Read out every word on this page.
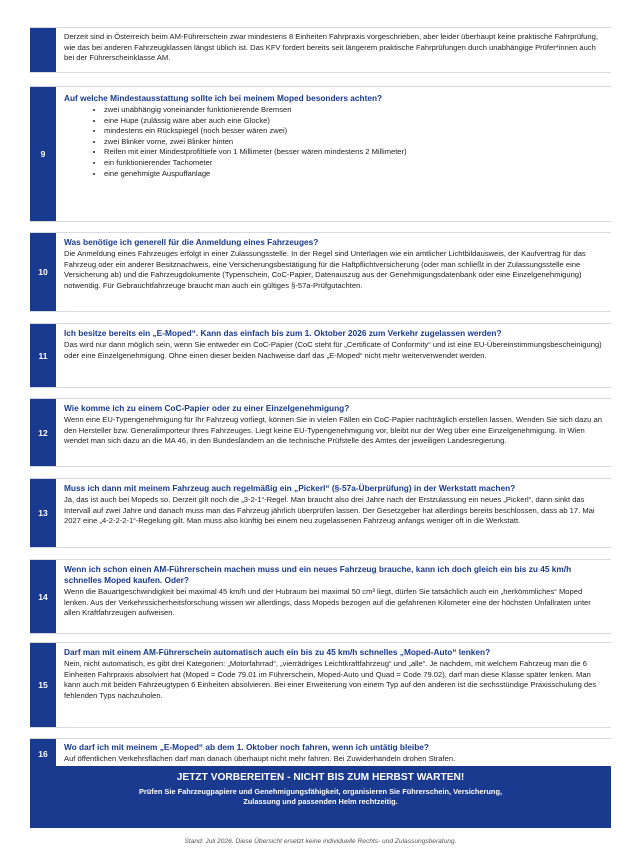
Derzeit sind in Österreich beim AM-Führerschein zwar mindestens 8 Einheiten Fahrpraxis vorgeschrieben, aber leider überhaupt keine praktische Fahrprüfung, wie das bei anderen Fahrzeugklassen längst üblich ist. Das KFV fordert bereits seit längerem praktische Fahrprüfungen durch unabhängige Prüfer*innen auch bei der Führerscheinklasse AM.
9
Auf welche Mindestausstattung sollte ich bei meinem Moped besonders achten?
• zwei unabhängig voneinander funktionierende Bremsen
• eine Hupe (zulässig wäre aber auch eine Glocke)
• mindestens ein Rückspiegel (noch besser wären zwei)
• zwei Blinker vorne, zwei Blinker hinten
• Reifen mit einer Mindestprofiltiefe von 1 Millimeter (besser wären mindestens 2 Millimeter)
• ein funktionierender Tachometer
• eine genehmigte Auspuffanlage
10
Was benötige ich generell für die Anmeldung eines Fahrzeuges?
Die Anmeldung eines Fahrzeuges erfolgt in einer Zulassungsstelle. In der Regel sind Unterlagen wie ein amtlicher Lichtbildausweis, der Kaufvertrag für das Fahrzeug oder ein anderer Besitznachweis, eine Versicherungsbestätigung für die Haftpflichtversicherung (oder man schließt in der Zulassungsstelle eine Versicherung ab) und die Fahrzeugdokumente (Typenschein, CoC-Papier, Datenauszug aus der Genehmigungsdatenbank oder eine Einzelgenehmigung) notwendig. Für Gebrauchtfahrzeuge braucht man auch ein gültiges §-57a-Prüfgutachten.
11
Ich besitze bereits ein „E-Moped“. Kann das einfach bis zum 1. Oktober 2026 zum Verkehr zugelassen werden?
Das wird nur dann möglich sein, wenn Sie entweder ein CoC-Papier (CoC steht für „Certificate of Conformity“ und ist eine EU-Übereinstimmungsbescheinigung) oder eine Einzelgenehmigung. Ohne einen dieser beiden Nachweise darf das „E-Moped“ nicht mehr weiterverwendet werden.
12
Wie komme ich zu einem CoC-Papier oder zu einer Einzelgenehmigung?
Wenn eine EU-Typengenehmigung für Ihr Fahrzeug vorliegt, können Sie in vielen Fällen ein CoC-Papier nachträglich erstellen lassen. Wenden Sie sich dazu an den Hersteller bzw. Generalimporteur Ihres Fahrzeuges. Liegt keine EU-Typengenehmigung vor, bleibt nur der Weg über eine Einzelgenehmigung. In Wien wendet man sich dazu an die MA 46, in den Bundesländern an die technische Prüfstelle des Amtes der jeweiligen Landesregierung.
13
Muss ich dann mit meinem Fahrzeug auch regelmäßig ein „Pickerl“ (§-57a-Überprüfung) in der Werkstatt machen?
Ja, das ist auch bei Mopeds so. Derzeit gilt noch die „3-2-1“-Regel. Man braucht also drei Jahre nach der Erstzulassung ein neues „Pickerl“, dann sinkt das Intervall auf zwei Jahre und danach muss man das Fahrzeug jährlich überprüfen lassen. Der Gesetzgeber hat allerdings bereits beschlossen, dass ab 17. Mai 2027 eine „4-2-2-2-1“-Regelung gilt. Man muss also künftig bei einem neu zugelassenen Fahrzeug anfangs weniger oft in die Werkstatt.
14
Wenn ich schon einen AM-Führerschein machen muss und ein neues Fahrzeug brauche, kann ich doch gleich ein bis zu 45 km/h schnelles Moped kaufen. Oder?
Wenn die Bauartgeschwindigkeit bei maximal 45 km/h und der Hubraum bei maximal 50 cm³ liegt, dürfen Sie tatsächlich auch ein „herkömmliches“ Moped lenken. Aus der Verkehrssicherheitsforschung wissen wir allerdings, dass Mopeds bezogen auf die gefahrenen Kilometer eine der höchsten Unfallraten unter allen Kraftfahrzeugen aufweisen.
15
Darf man mit einem AM-Führerschein automatisch auch ein bis zu 45 km/h schnelles „Moped-Auto“ lenken?
Nein, nicht automatisch, es gibt drei Kategorien: „Motorfahrrad“, „vierrädriges Leichtkraftfahrzeug“ und „alle“. Je nachdem, mit welchem Fahrzeug man die 6 Einheiten Fahrpraxis absolviert hat (Moped = Code 79.01 im Führerschein, Moped-Auto und Quad = Code 79.02), darf man diese Klasse später lenken. Man kann auch mit beiden Fahrzeugtypen 6 Einheiten absolvieren. Bei einer Erweiterung von einem Typ auf den anderen ist die sechsstündige Praxisschulung des fehlenden Typs nachzuholen.
16
Wo darf ich mit meinem „E-Moped“ ab dem 1. Oktober noch fahren, wenn ich untätig bleibe?
Auf öffentlichen Verkehrsflächen darf man danach überhaupt nicht mehr fahren. Bei Zuwiderhandeln drohen Strafen.
JETZT VORBEREITEN - NICHT BIS ZUM HERBST WARTEN!
Prüfen Sie Fahrzeugpapiere und Genehmigungsfähigkeit, organisieren Sie Führerschein, Versicherung, Zulassung und passenden Helm rechtzeitig.
Stand: Juli 2026. Diese Übersicht ersetzt keine individuelle Rechts- und Zulassungsberatung.
